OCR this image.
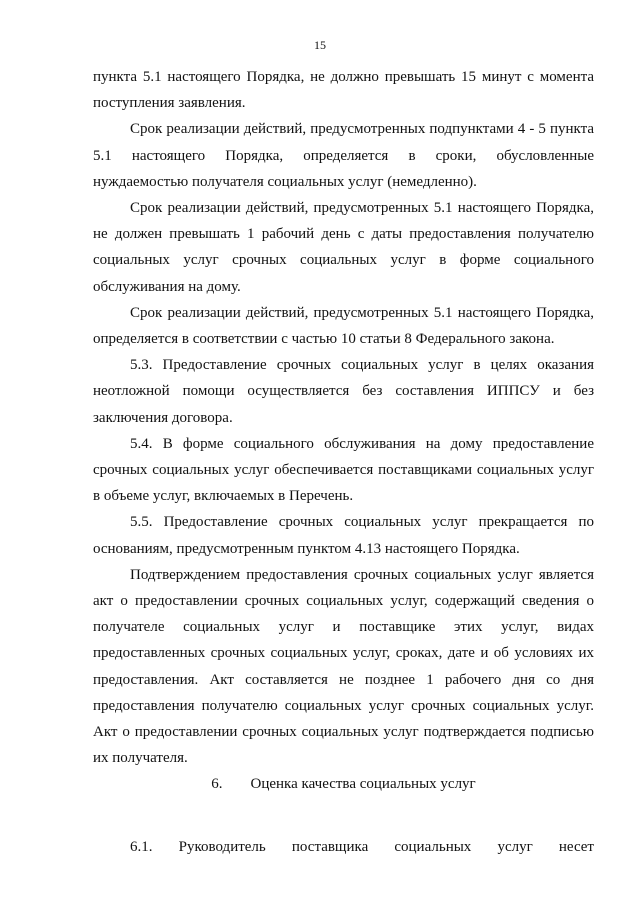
15

пункта 5.1 настоящего Порядка, не должно превышать 15 минут с момента поступления заявления.

Срок реализации действий, предусмотренных подпунктами 4 - 5 пункта 5.1 настоящего Порядка, определяется в сроки, обусловленные нуждаемостью получателя социальных услуг (немедленно).

Срок реализации действий, предусмотренных 5.1 настоящего Порядка, не должен превышать 1 рабочий день с даты предоставления получателю социальных услуг срочных социальных услуг в форме социального обслуживания на дому.

Срок реализации действий, предусмотренных 5.1 настоящего Порядка, определяется в соответствии с частью 10 статьи 8 Федерального закона.

5.3. Предоставление срочных социальных услуг в целях оказания неотложной помощи осуществляется без составления ИППСУ и без заключения договора.

5.4. В форме социального обслуживания на дому предоставление срочных социальных услуг обеспечивается поставщиками социальных услуг в объеме услуг, включаемых в Перечень.

5.5. Предоставление срочных социальных услуг прекращается по основаниям, предусмотренным пунктом 4.13 настоящего Порядка.

Подтверждением предоставления срочных социальных услуг является акт о предоставлении срочных социальных услуг, содержащий сведения о получателе социальных услуг и поставщике этих услуг, видах предоставленных срочных социальных услуг, сроках, дате и об условиях их предоставления. Акт составляется не позднее 1 рабочего дня со дня предоставления получателю социальных услуг срочных социальных услуг. Акт о предоставлении срочных социальных услуг подтверждается подписью их получателя.

6. Оценка качества социальных услуг

6.1. Руководитель поставщика социальных услуг несет
